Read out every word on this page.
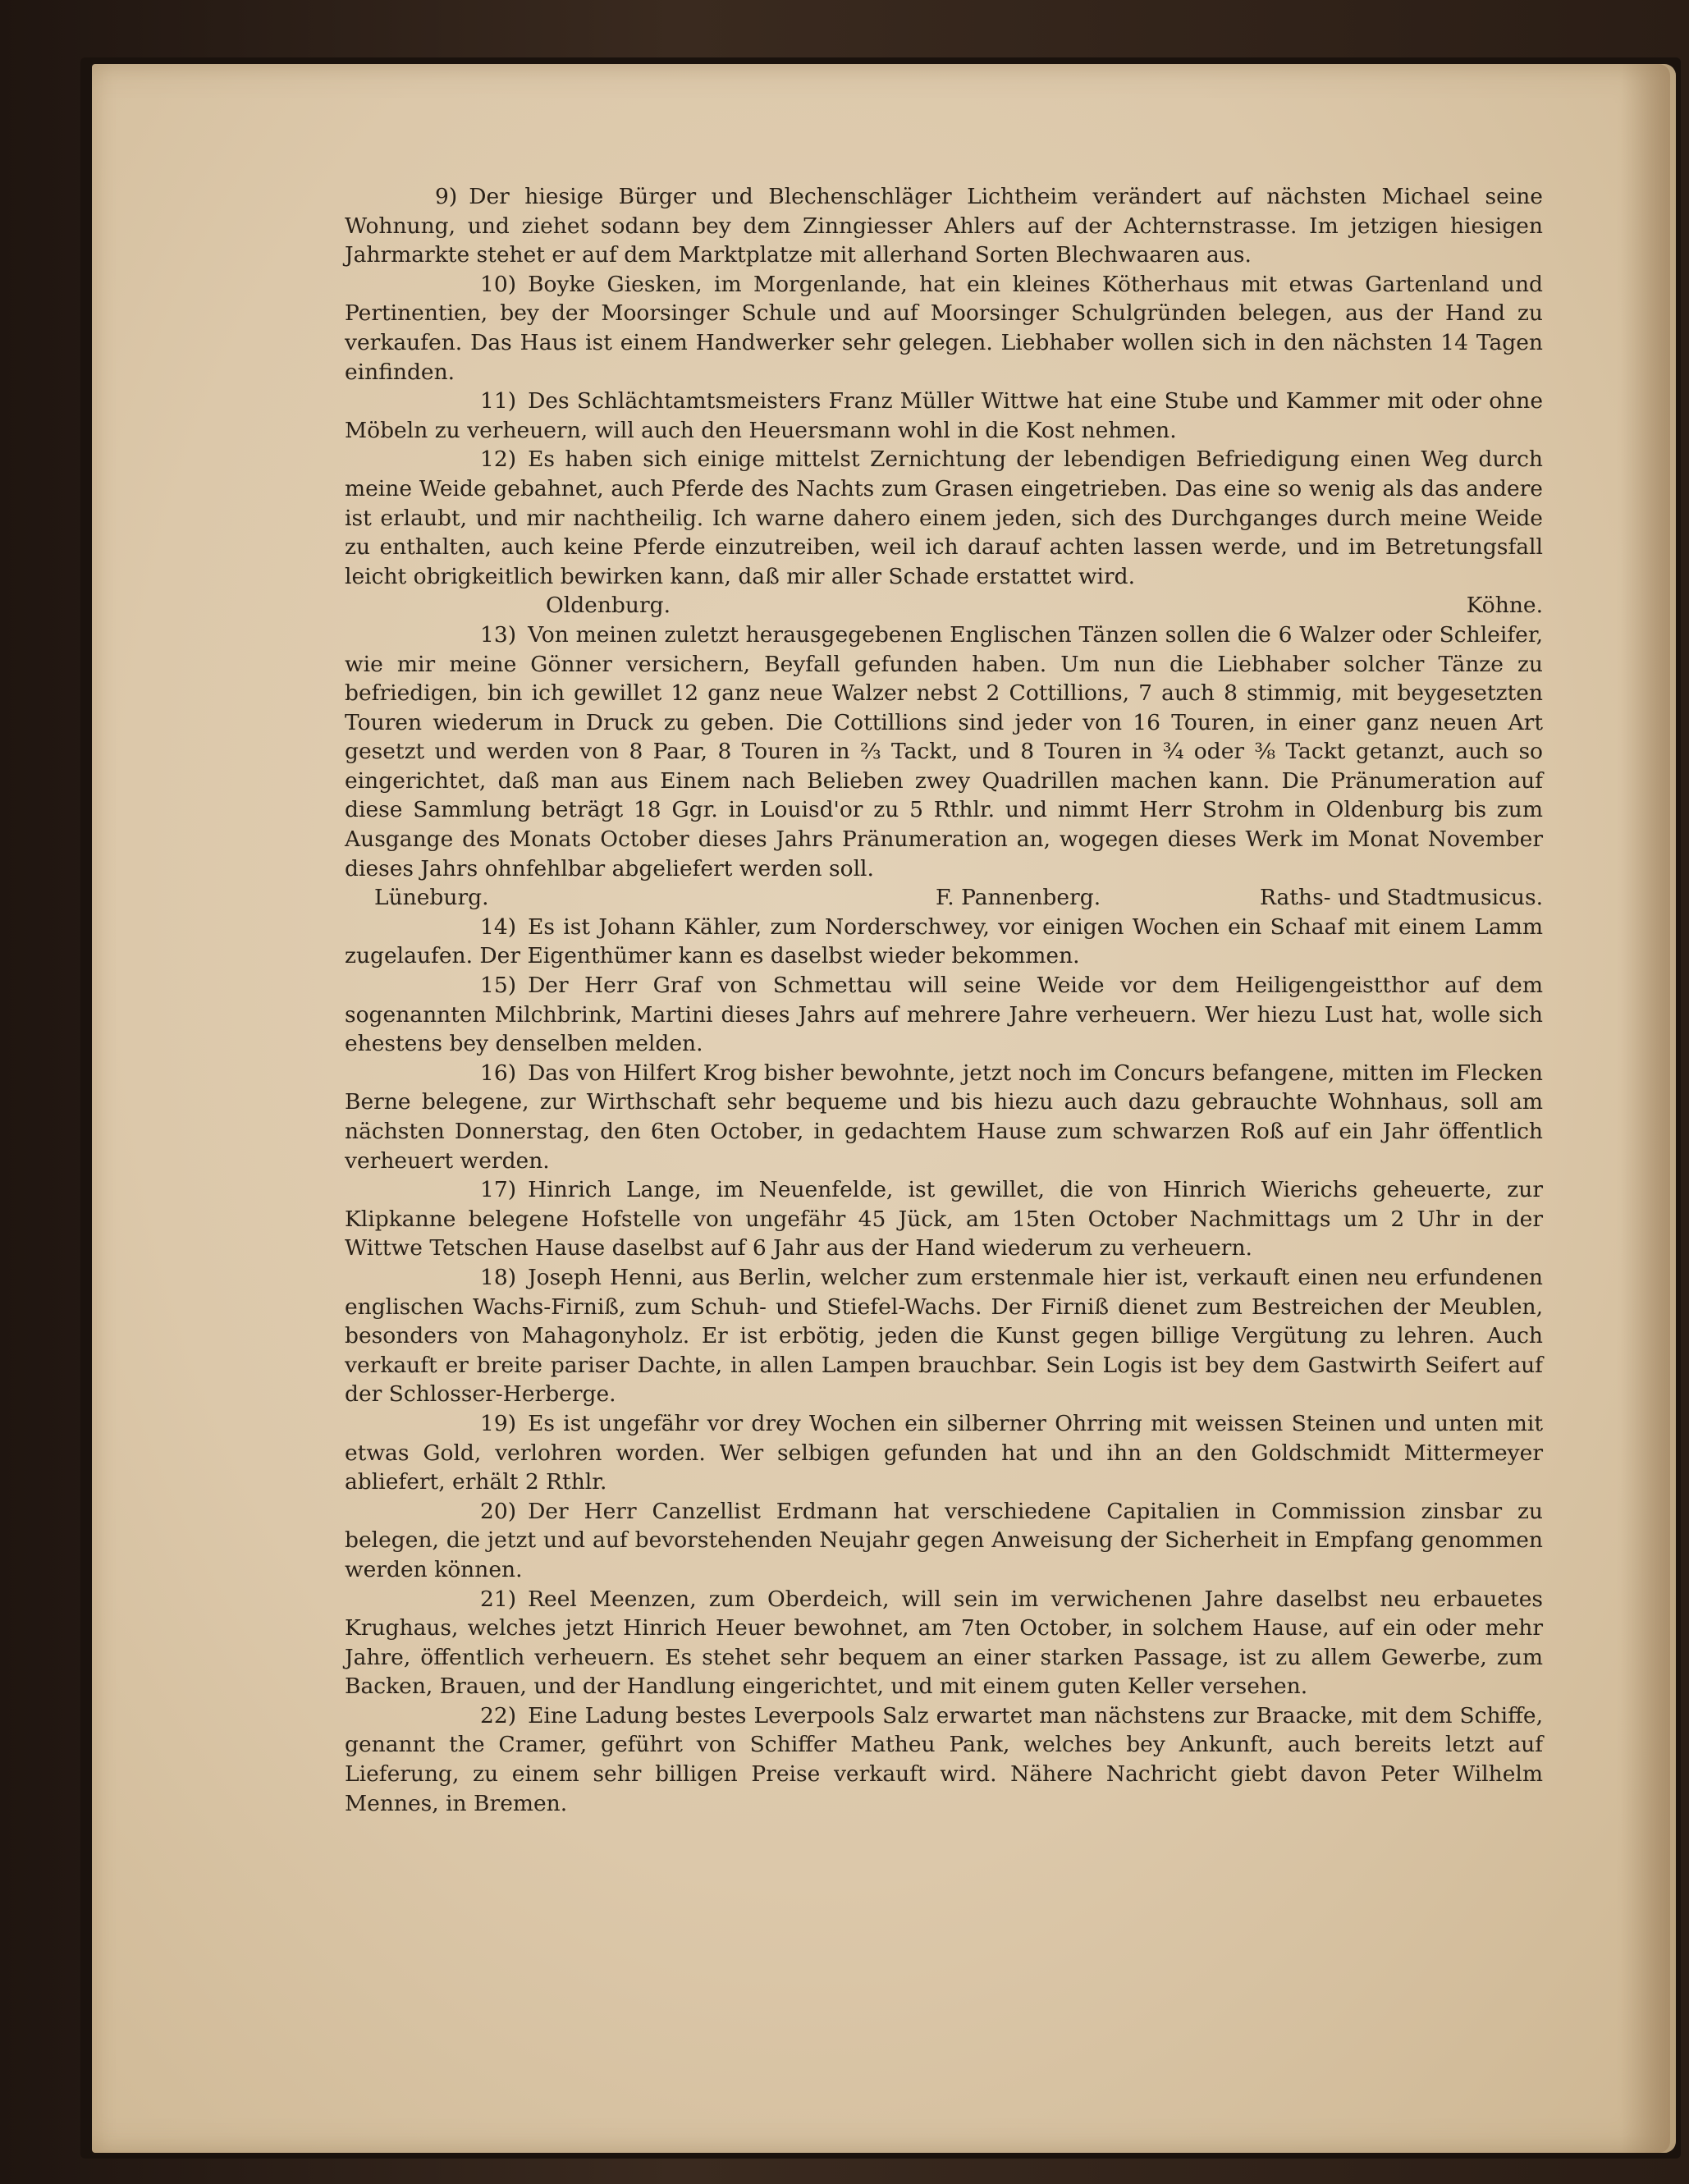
9) Der hiesige Bürger und Blechenschläger Lichtheim verändert auf nächsten Michael seine Wohnung, und ziehet sodann bey dem Zinngiesser Ahlers auf der Achternstrasse. Im jetzigen hiesigen Jahrmarkte stehet er auf dem Marktplatze mit allerhand Sorten Blechwaaren aus.

10) Boyke Giesken, im Morgenlande, hat ein kleines Kötherhaus mit etwas Gartenland und Pertinentien, bey der Moorsinger Schule und auf Moorsinger Schulgründen belegen, aus der Hand zu verkaufen. Das Haus ist einem Handwerker sehr gelegen. Liebhaber wollen sich in den nächsten 14 Tagen einfinden.

11) Des Schlächtamtsmeisters Franz Müller Wittwe hat eine Stube und Kammer mit oder ohne Möbeln zu verheuern, will auch den Heuersmann wohl in die Kost nehmen.

12) Es haben sich einige mittelst Zernichtung der lebendigen Befriedigung einen Weg durch meine Weide gebahnet, auch Pferde des Nachts zum Grasen eingetrieben. Das eine so wenig als das andere ist erlaubt, und mir nachtheilig. Ich warne dahero einem jeden, sich des Durchganges durch meine Weide zu enthalten, auch keine Pferde einzutreiben, weil ich darauf achten lassen werde, und im Betretungsfall leicht obrigkeitlich bewirken kann, daß mir aller Schade erstattet wird.

Oldenburg.	Köhne.

13) Von meinen zuletzt herausgegebenen Englischen Tänzen sollen die 6 Walzer oder Schleifer, wie mir meine Gönner versichern, Beyfall gefunden haben. Um nun die Liebhaber solcher Tänze zu befriedigen, bin ich gewillet 12 ganz neue Walzer nebst 2 Cottillions, 7 auch 8 stimmig, mit beygesetzten Touren wiederum in Druck zu geben. Die Cottillions sind jeder von 16 Touren, in einer ganz neuen Art gesetzt und werden von 8 Paar, 8 Touren in ⅔ Tackt, und 8 Touren in ¾ oder ⅜ Tackt getanzt, auch so eingerichtet, daß man aus Einem nach Belieben zwey Quadrillen machen kann. Die Pränumeration auf diese Sammlung beträgt 18 Ggr. in Louisd'or zu 5 Rthlr. und nimmt Herr Strohm in Oldenburg bis zum Ausgange des Monats October dieses Jahrs Pränumeration an, wogegen dieses Werk im Monat November dieses Jahrs ohnfehlbar abgeliefert werden soll.

Lüneburg.	F. Pannenberg.	Raths- und Stadtmusicus.

14) Es ist Johann Kähler, zum Norderschwey, vor einigen Wochen ein Schaaf mit einem Lamm zugelaufen. Der Eigenthümer kann es daselbst wieder bekommen.

15) Der Herr Graf von Schmettau will seine Weide vor dem Heiligengeistthor auf dem sogenannten Milchbrink, Martini dieses Jahrs auf mehrere Jahre verheuern. Wer hiezu Lust hat, wolle sich ehestens bey denselben melden.

16) Das von Hilfert Krog bisher bewohnte, jetzt noch im Concurs befangene, mitten im Flecken Berne belegene, zur Wirthschaft sehr bequeme und bis hiezu auch dazu gebrauchte Wohnhaus, soll am nächsten Donnerstag, den 6ten October, in gedachtem Hause zum schwarzen Roß auf ein Jahr öffentlich verheuert werden.

17) Hinrich Lange, im Neuenfelde, ist gewillet, die von Hinrich Wierichs geheuerte, zur Klipkanne belegene Hofstelle von ungefähr 45 Jück, am 15ten October Nachmittags um 2 Uhr in der Wittwe Tetschen Hause daselbst auf 6 Jahr aus der Hand wiederum zu verheuern.

18) Joseph Henni, aus Berlin, welcher zum erstenmale hier ist, verkauft einen neu erfundenen englischen Wachs-Firniß, zum Schuh- und Stiefel-Wachs. Der Firniß dienet zum Bestreichen der Meublen, besonders von Mahagonyholz. Er ist erbötig, jeden die Kunst gegen billige Vergütung zu lehren. Auch verkauft er breite pariser Dachte, in allen Lampen brauchbar. Sein Logis ist bey dem Gastwirth Seifert auf der Schlosser-Herberge.

19) Es ist ungefähr vor drey Wochen ein silberner Ohrring mit weissen Steinen und unten mit etwas Gold, verlohren worden. Wer selbigen gefunden hat und ihn an den Goldschmidt Mittermeyer abliefert, erhält 2 Rthlr.

20) Der Herr Canzellist Erdmann hat verschiedene Capitalien in Commission zinsbar zu belegen, die jetzt und auf bevorstehenden Neujahr gegen Anweisung der Sicherheit in Empfang genommen werden können.

21) Reel Meenzen, zum Oberdeich, will sein im verwichenen Jahre daselbst neu erbauetes Krughaus, welches jetzt Hinrich Heuer bewohnet, am 7ten October, in solchem Hause, auf ein oder mehr Jahre, öffentlich verheuern. Es stehet sehr bequem an einer starken Passage, ist zu allem Gewerbe, zum Backen, Brauen, und der Handlung eingerichtet, und mit einem guten Keller versehen.

22) Eine Ladung bestes Leverpools Salz erwartet man nächstens zur Braacke, mit dem Schiffe, genannt the Cramer, geführt von Schiffer Matheu Pank, welches bey Ankunft, auch bereits letzt auf Lieferung, zu einem sehr billigen Preise verkauft wird. Nähere Nachricht giebt davon Peter Wilhelm Mennes, in Bremen.
